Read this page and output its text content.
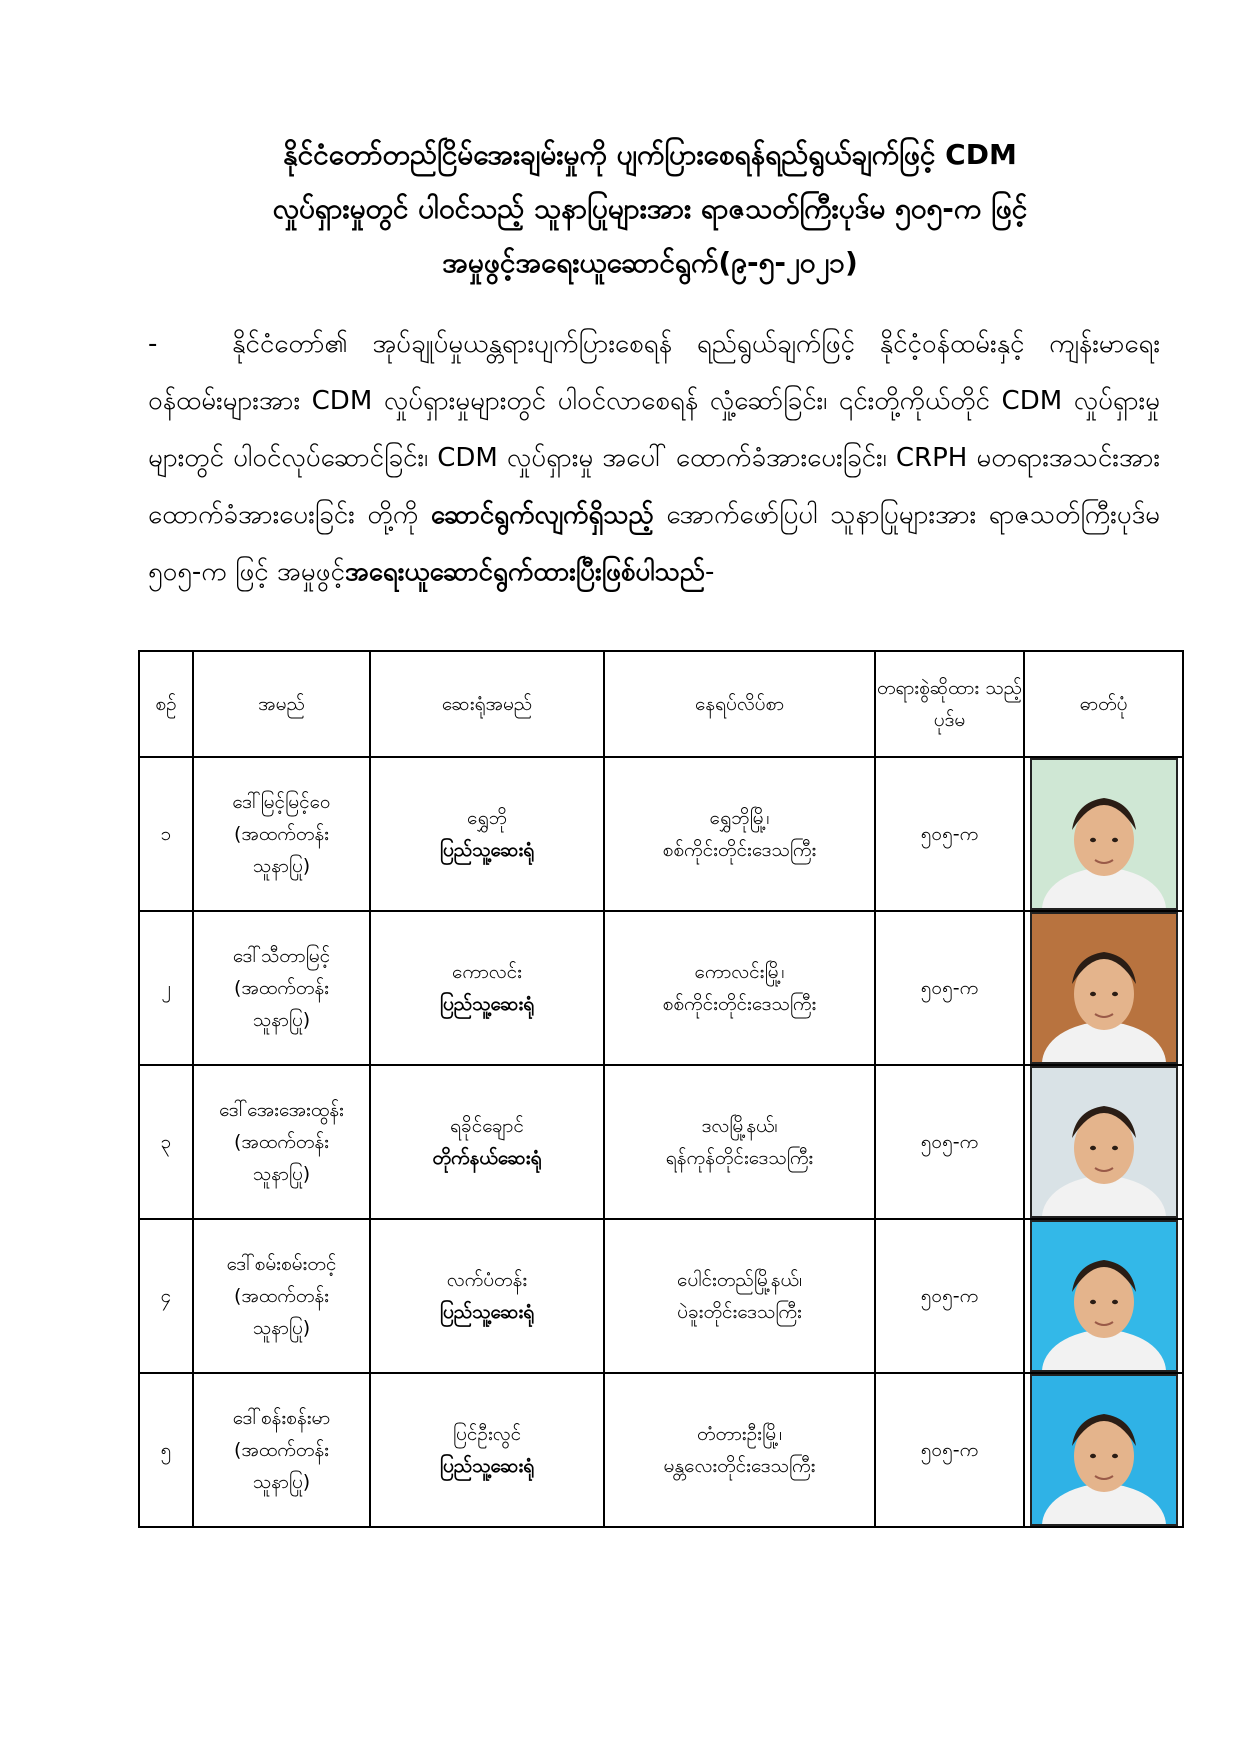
နိုင်ငံတော်တည်ငြိမ်အေးချမ်းမှုကို ပျက်ပြားစေရန်ရည်ရွယ်ချက်ဖြင့် CDM
လှုပ်ရှားမှုတွင် ပါဝင်သည့် သူနာပြုများအား ရာဇသတ်ကြီးပုဒ်မ ၅၀၅-က ဖြင့်
အမှုဖွင့်အရေးယူဆောင်ရွက်(၉-၅-၂၀၂၁)
-	နိုင်ငံတော်၏ အုပ်ချုပ်မှုယန္တရားပျက်ပြားစေရန် ရည်ရွယ်ချက်ဖြင့် နိုင်ငံ့ဝန်ထမ်းနှင့် ကျန်းမာရေးဝန်ထမ်းများအား CDM လှုပ်ရှားမှုများတွင် ပါဝင်လာစေရန် လှုံ့ဆော်ခြင်း၊ ၎င်းတို့ကိုယ်တိုင် CDM လှုပ်ရှားမှုများတွင် ပါဝင်လုပ်ဆောင်ခြင်း၊ CDM လှုပ်ရှားမှု အပေါ် ထောက်ခံအားပေးခြင်း၊ CRPH မတရားအသင်းအား ထောက်ခံအားပေးခြင်း တို့ကို ဆောင်ရွက်လျက်ရှိသည့် အောက်ဖော်ပြပါ သူနာပြုများအား ရာဇသတ်ကြီးပုဒ်မ ၅၀၅-က ဖြင့် အမှုဖွင့်အရေးယူဆောင်ရွက်ထားပြီးဖြစ်ပါသည်-
စဉ်	အမည်	ဆေးရုံအမည်	နေရပ်လိပ်စာ	တရားစွဲဆိုထား သည့်ပုဒ်မ	ဓာတ်ပုံ
၁	ဒေါ်မြင့်မြင့်ဝေ
(အထက်တန်း
သူနာပြု)	ရွှေဘို
ပြည်သူ့ဆေးရုံ	ရွှေဘိုမြို့၊
စစ်ကိုင်းတိုင်းဒေသကြီး	၅၀၅-က	

၂	ဒေါ်သီတာမြင့်
(အထက်တန်း
သူနာပြု)	ကောလင်း
ပြည်သူ့ဆေးရုံ	ကောလင်းမြို့၊
စစ်ကိုင်းတိုင်းဒေသကြီး	၅၀၅-က	

၃	ဒေါ်အေးအေးထွန်း
(အထက်တန်း
သူနာပြု)	ရခိုင်ချောင်
တိုက်နယ်ဆေးရုံ	ဒလမြို့နယ်၊
ရန်ကုန်တိုင်းဒေသကြီး	၅၀၅-က	

၄	ဒေါ်စမ်းစမ်းတင့်
(အထက်တန်း
သူနာပြု)	လက်ပံတန်း
ပြည်သူ့ဆေးရုံ	ပေါင်းတည်မြို့နယ်၊
ပဲခူးတိုင်းဒေသကြီး	၅၀၅-က	

၅	ဒေါ်စန်းစန်းမာ
(အထက်တန်း
သူနာပြု)	ပြင်ဦးလွင်
ပြည်သူ့ဆေးရုံ	တံတားဦးမြို့၊
မန္တလေးတိုင်းဒေသကြီး	၅၀၅-က	
